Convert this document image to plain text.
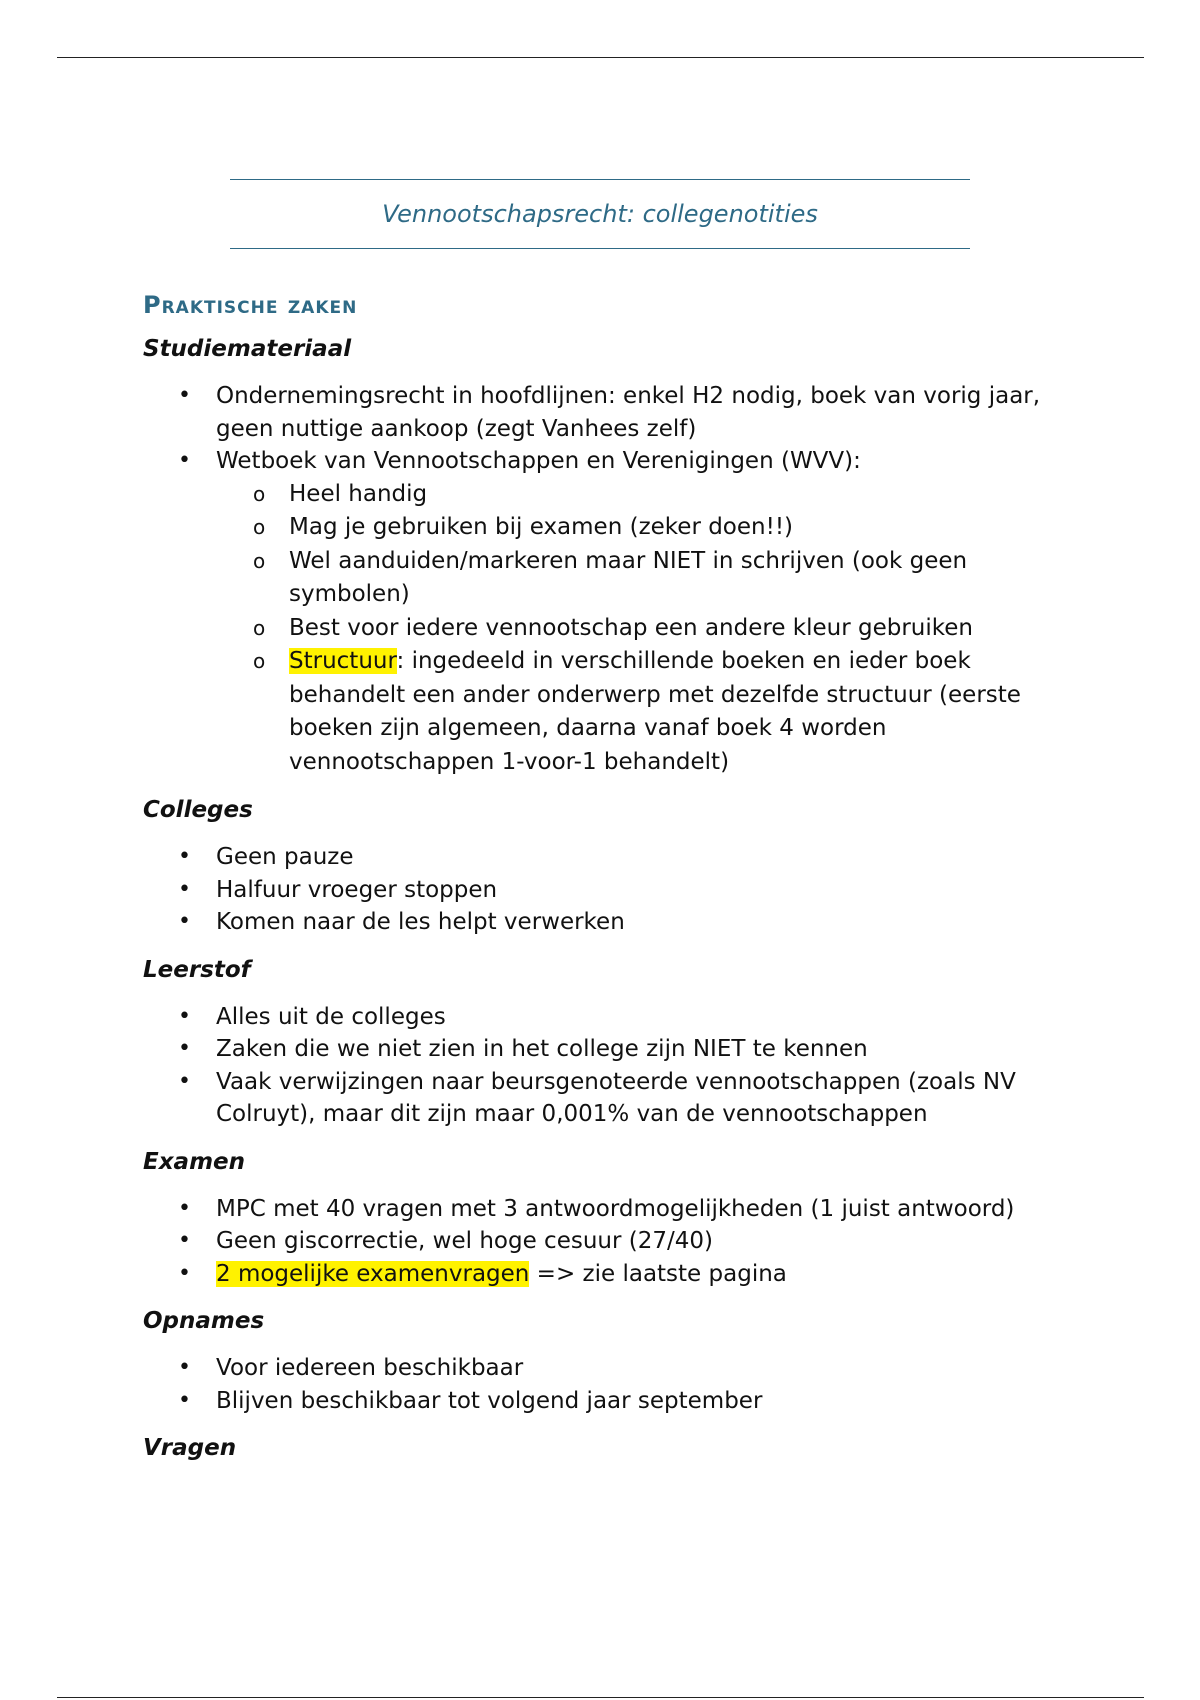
Vennootschapsrecht: collegenotities
Praktische zaken
Studiemateriaal
• Ondernemingsrecht in hoofdlijnen: enkel H2 nodig, boek van vorig jaar, geen nuttige aankoop (zegt Vanhees zelf)
• Wetboek van Vennootschappen en Verenigingen (WVV):
o Heel handig
o Mag je gebruiken bij examen (zeker doen!!)
o Wel aanduiden/markeren maar NIET in schrijven (ook geen symbolen)
o Best voor iedere vennootschap een andere kleur gebruiken
o Structuur: ingedeeld in verschillende boeken en ieder boek behandelt een ander onderwerp met dezelfde structuur (eerste boeken zijn algemeen, daarna vanaf boek 4 worden vennootschappen 1-voor-1 behandelt)
Colleges
• Geen pauze
• Halfuur vroeger stoppen
• Komen naar de les helpt verwerken
Leerstof
• Alles uit de colleges
• Zaken die we niet zien in het college zijn NIET te kennen
• Vaak verwijzingen naar beursgenoteerde vennootschappen (zoals NV Colruyt), maar dit zijn maar 0,001% van de vennootschappen
Examen
• MPC met 40 vragen met 3 antwoordmogelijkheden (1 juist antwoord)
• Geen giscorrectie, wel hoge cesuur (27/40)
• 2 mogelijke examenvragen => zie laatste pagina
Opnames
• Voor iedereen beschikbaar
• Blijven beschikbaar tot volgend jaar september
Vragen
